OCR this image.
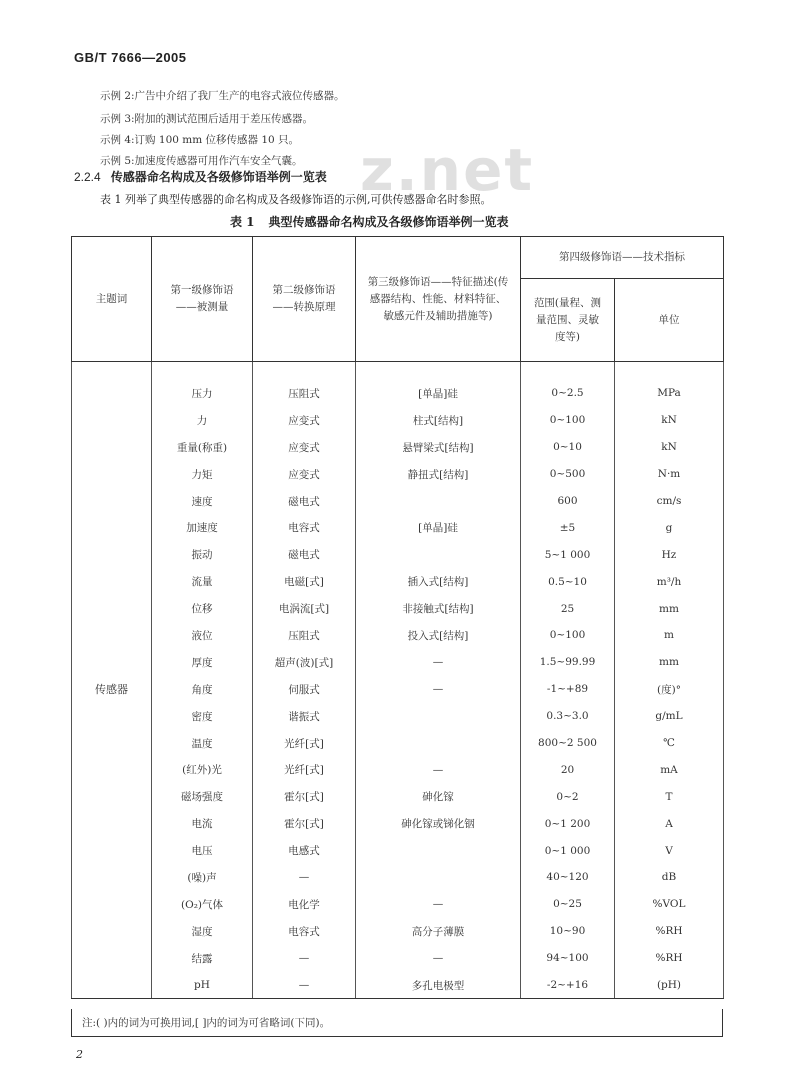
GB/T 7666—2005
示例 2:广告中介绍了我厂生产的电容式液位传感器。
示例 3:附加的测试范围后适用于差压传感器。
示例 4:订购 100 mm 位移传感器 10 只。
示例 5:加速度传感器可用作汽车安全气囊。 z.net
2.2.4 传感器命名构成及各级修饰语举例一览表
表 1 列举了典型传感器的命名构成及各级修饰语的示例,可供传感器命名时参照。
表 1 典型传感器命名构成及各级修饰语举例一览表
主题词	第一级修饰语——被测量	第二级修饰语——转换原理	第三级修饰语——特征描述(传感器结构、性能、材料特征、敏感元件及辅助措施等)	第四级修饰语——技术指标	
				范围(量程、测量范围、灵敏度等)	单位
传感器	压力	压阻式	[单晶]硅	0~2.5	MPa
	力	应变式	柱式[结构]	0~100	kN
	重量(称重)	应变式	悬臂梁式[结构]	0~10	kN
	力矩	应变式	静扭式[结构]	0~500	N·m
	速度	磁电式		600	cm/s
	加速度	电容式	[单晶]硅	±5	g
	振动	磁电式		5~1 000	Hz
	流量	电磁[式]	插入式[结构]	0.5~10	m³/h
	位移	电涡流[式]	非接触式[结构]	25	mm
	液位	压阻式	投入式[结构]	0~100	m
	厚度	超声(波)[式]	—	1.5~99.99	mm
	角度	伺服式	—	-1~+89	(度)°
	密度	谐振式		0.3~3.0	g/mL
	温度	光纤[式]		800~2 500	℃
	(红外)光	光纤[式]	—	20	mA
	磁场强度	霍尔[式]	砷化镓	0~2	T
	电流	霍尔[式]	砷化镓或锑化铟	0~1 200	A
	电压	电感式		0~1 000	V
	(噪)声	—		40~120	dB
	(O₂)气体	电化学	—	0~25	%VOL
	湿度	电容式	高分子薄膜	10~90	%RH
	结露	—	—	94~100	%RH
	pH	—	多孔电极型	-2~+16	(pH)
注:( )内的词为可换用词,[ ]内的词为可省略词(下同)。
2
